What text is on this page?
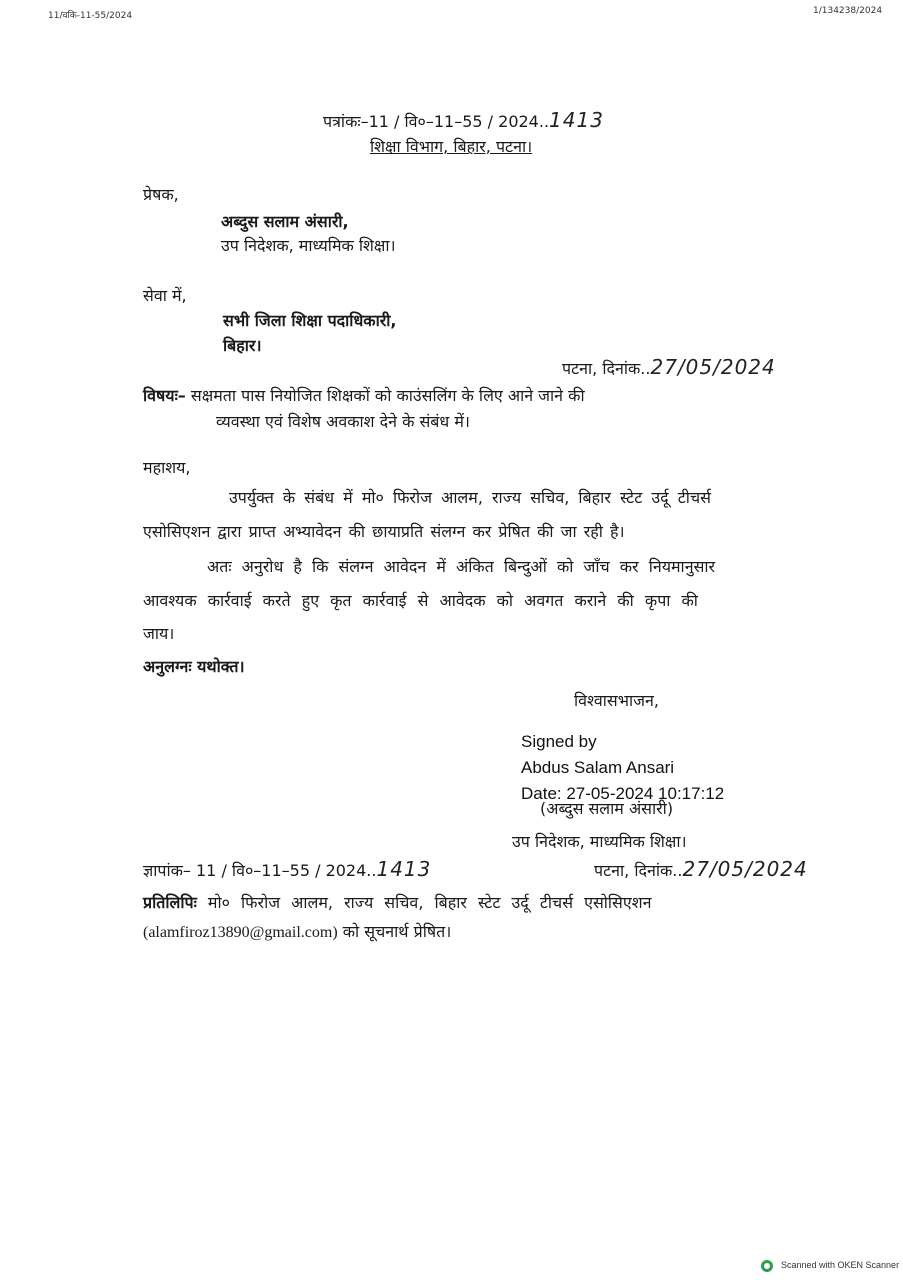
11/वकि-11-55/2024	1/134238/2024
पत्रांकः–11 / वि०–11–55 / 2024..1413
शिक्षा विभाग, बिहार, पटना।
प्रेषक,
अब्दुस सलाम अंसारी,
उप निदेशक, माध्यमिक शिक्षा।
सेवा में,
सभी जिला शिक्षा पदाधिकारी,
बिहार।
पटना, दिनांक..27/05/2024
विषयः– सक्षमता पास नियोजित शिक्षकों को काउंसलिंग के लिए आने जाने की
व्यवस्था एवं विशेष अवकाश देने के संबंध में।
महाशय,
उपर्युक्त के संबंध में मो० फिरोज आलम, राज्य सचिव, बिहार स्टेट उर्दू टीचर्स
एसोसिएशन द्वारा प्राप्त अभ्यावेदन की छायाप्रति संलग्न कर प्रेषित की जा रही है।
अतः अनुरोध है कि संलग्न आवेदन में अंकित बिन्दुओं को जाँच कर नियमानुसार
आवश्यक कार्रवाई करते हुए कृत कार्रवाई से आवेदक को अवगत कराने की कृपा की
जाय।
अनुलग्नः यथोक्त।
विश्वासभाजन,
Signed by
Abdus Salam Ansari
(अब्दुस सलाम अंसारी)
Date: 27-05-2024 10:17:12
उप निदेशक, माध्यमिक शिक्षा।
ज्ञापांक– 11 / वि०–11–55 / 2024..1413	पटना, दिनांक..27/05/2024
प्रतिलिपिः मो० फिरोज आलम, राज्य सचिव, बिहार स्टेट उर्दू टीचर्स एसोसिएशन
(alamfiroz13890@gmail.com) को सूचनार्थ प्रेषित।
Scanned with OKEN Scanner
